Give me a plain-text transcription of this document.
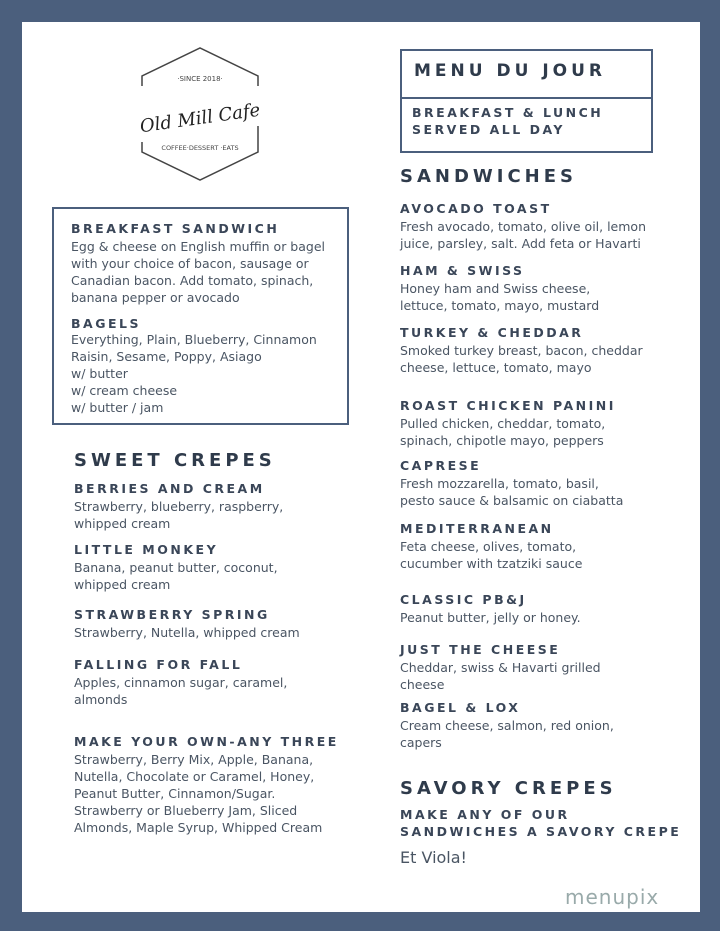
·SINCE 2018·
Old Mill Cafe
COFFEE·DESSERT ·EATS
MENU DU JOUR
BREAKFAST & LUNCH
SERVED ALL DAY
BREAKFAST SANDWICH
Egg & cheese on English muffin or bagel
with your choice of bacon, sausage or
Canadian bacon. Add tomato, spinach,
banana pepper or avocado
BAGELS
Everything, Plain, Blueberry, Cinnamon
Raisin, Sesame, Poppy, Asiago
w/ butter
w/ cream cheese
w/ butter / jam
SWEET CREPES
BERRIES AND CREAM
Strawberry, blueberry, raspberry,
whipped cream
LITTLE MONKEY
Banana, peanut butter, coconut,
whipped cream
STRAWBERRY SPRING
Strawberry, Nutella, whipped cream
FALLING FOR FALL
Apples, cinnamon sugar, caramel,
almonds
MAKE YOUR OWN-ANY THREE
Strawberry, Berry Mix, Apple, Banana,
Nutella, Chocolate or Caramel, Honey,
Peanut Butter, Cinnamon/Sugar.
Strawberry or Blueberry Jam, Sliced
Almonds, Maple Syrup, Whipped Cream
SANDWICHES
AVOCADO TOAST
Fresh avocado, tomato, olive oil, lemon
juice, parsley, salt. Add feta or Havarti
HAM & SWISS
Honey ham and Swiss cheese,
lettuce, tomato, mayo, mustard
TURKEY & CHEDDAR
Smoked turkey breast, bacon, cheddar
cheese, lettuce, tomato, mayo
ROAST CHICKEN PANINI
Pulled chicken, cheddar, tomato,
spinach, chipotle mayo, peppers
CAPRESE
Fresh mozzarella, tomato, basil,
pesto sauce & balsamic on ciabatta
MEDITERRANEAN
Feta cheese, olives, tomato,
cucumber with tzatziki sauce
CLASSIC PB&J
Peanut butter, jelly or honey.
JUST THE CHEESE
Cheddar, swiss & Havarti grilled
cheese
BAGEL & LOX
Cream cheese, salmon, red onion,
capers
SAVORY CREPES
MAKE ANY OF OUR
SANDWICHES A SAVORY CREPE
Et Viola!
menupix
